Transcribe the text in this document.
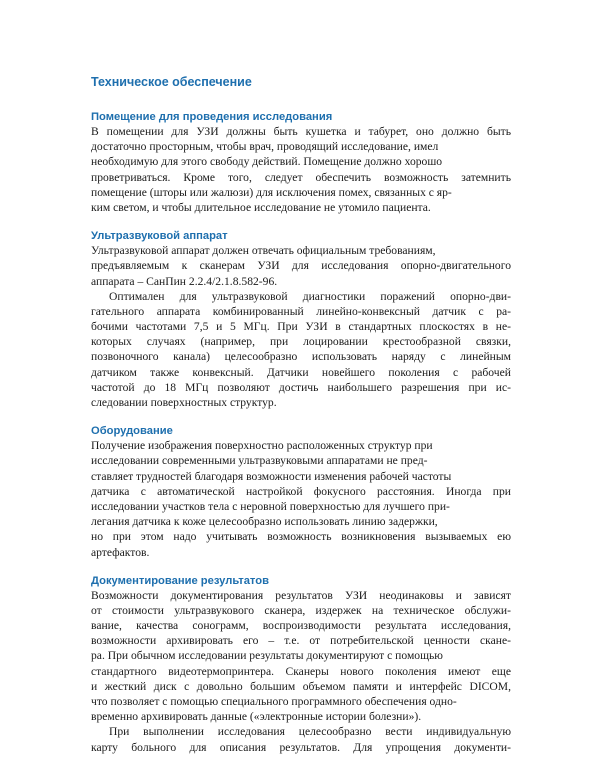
Техническое обеспечение
Помещение для проведения исследования
В помещении для УЗИ должны быть кушетка и табурет, оно должно быть
достаточно просторным, чтобы врач, проводящий исследование, имел
необходимую для этого свободу действий. Помещение должно хорошо
проветриваться. Кроме того, следует обеспечить возможность затемнить
помещение (шторы или жалюзи) для исключения помех, связанных с яр-
ким светом, и чтобы длительное исследование не утомило пациента.
Ультразвуковой аппарат
Ультразвуковой аппарат должен отвечать официальным требованиям,
предъявляемым к сканерам УЗИ для исследования опорно-двигательного
аппарата – СанПин 2.2.4/2.1.8.582-96.
Оптимален для ультразвуковой диагностики поражений опорно-дви-
гательного аппарата комбинированный линейно-конвексный датчик с ра-
бочими частотами 7,5 и 5 МГц. При УЗИ в стандартных плоскостях в не-
которых случаях (например, при лоцировании крестообразной связки,
позвоночного канала) целесообразно использовать наряду с линейным
датчиком также конвексный. Датчики новейшего поколения с рабочей
частотой до 18 МГц позволяют достичь наибольшего разрешения при ис-
следовании поверхностных структур.
Оборудование
Получение изображения поверхностно расположенных структур при
исследовании современными ультразвуковыми аппаратами не пред-
ставляет трудностей благодаря возможности изменения рабочей частоты
датчика с автоматической настройкой фокусного расстояния. Иногда при
исследовании участков тела с неровной поверхностью для лучшего при-
легания датчика к коже целесообразно использовать линию задержки,
но при этом надо учитывать возможность возникновения вызываемых ею
артефактов.
Документирование результатов
Возможности документирования результатов УЗИ неодинаковы и зависят
от стоимости ультразвукового сканера, издержек на техническое обслужи-
вание, качества сонограмм, воспроизводимости результата исследования,
возможности архивировать его – т.е. от потребительской ценности скане-
ра. При обычном исследовании результаты документируют с помощью
стандартного видеотермопринтера. Сканеры нового поколения имеют еще
и жесткий диск с довольно большим объемом памяти и интерфейс DICOM,
что позволяет с помощью специального программного обеспечения одно-
временно архивировать данные («электронные истории болезни»).
При выполнении исследования целесообразно вести индивидуальную
карту больного для описания результатов. Для упрощения документи-
